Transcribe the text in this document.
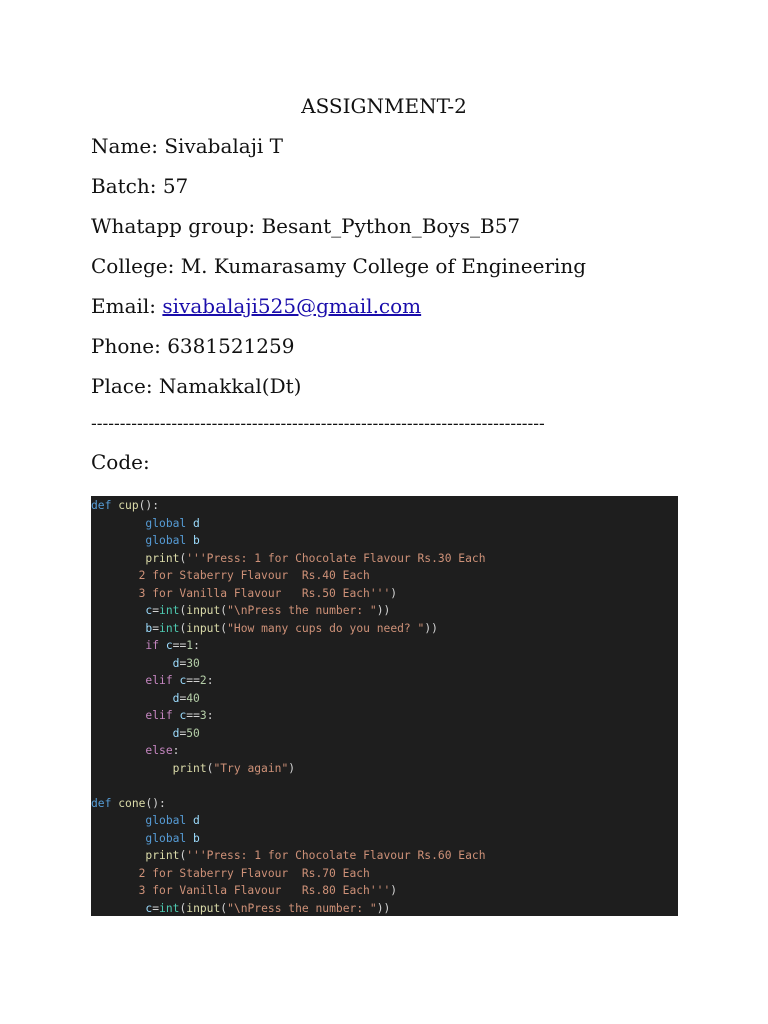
ASSIGNMENT-2
Name: Sivabalaji T
Batch: 57
Whatapp group: Besant_Python_Boys_B57
College: M. Kumarasamy College of Engineering
Email: sivabalaji525@gmail.com
Phone: 6381521259
Place: Namakkal(Dt)
-------------------------------------------------------------------------------
Code:
def cup():
global d
global b
print('''Press: 1 for Chocolate Flavour Rs.30 Each
2 for Staberry Flavour  Rs.40 Each
3 for Vanilla Flavour   Rs.50 Each''')
c=int(input("\nPress the number: "))
b=int(input("How many cups do you need? "))
if c==1:
d=30
elif c==2:
d=40
elif c==3:
d=50
else:
print("Try again")

def cone():
global d
global b
print('''Press: 1 for Chocolate Flavour Rs.60 Each
2 for Staberry Flavour  Rs.70 Each
3 for Vanilla Flavour   Rs.80 Each''')
c=int(input("\nPress the number: "))
